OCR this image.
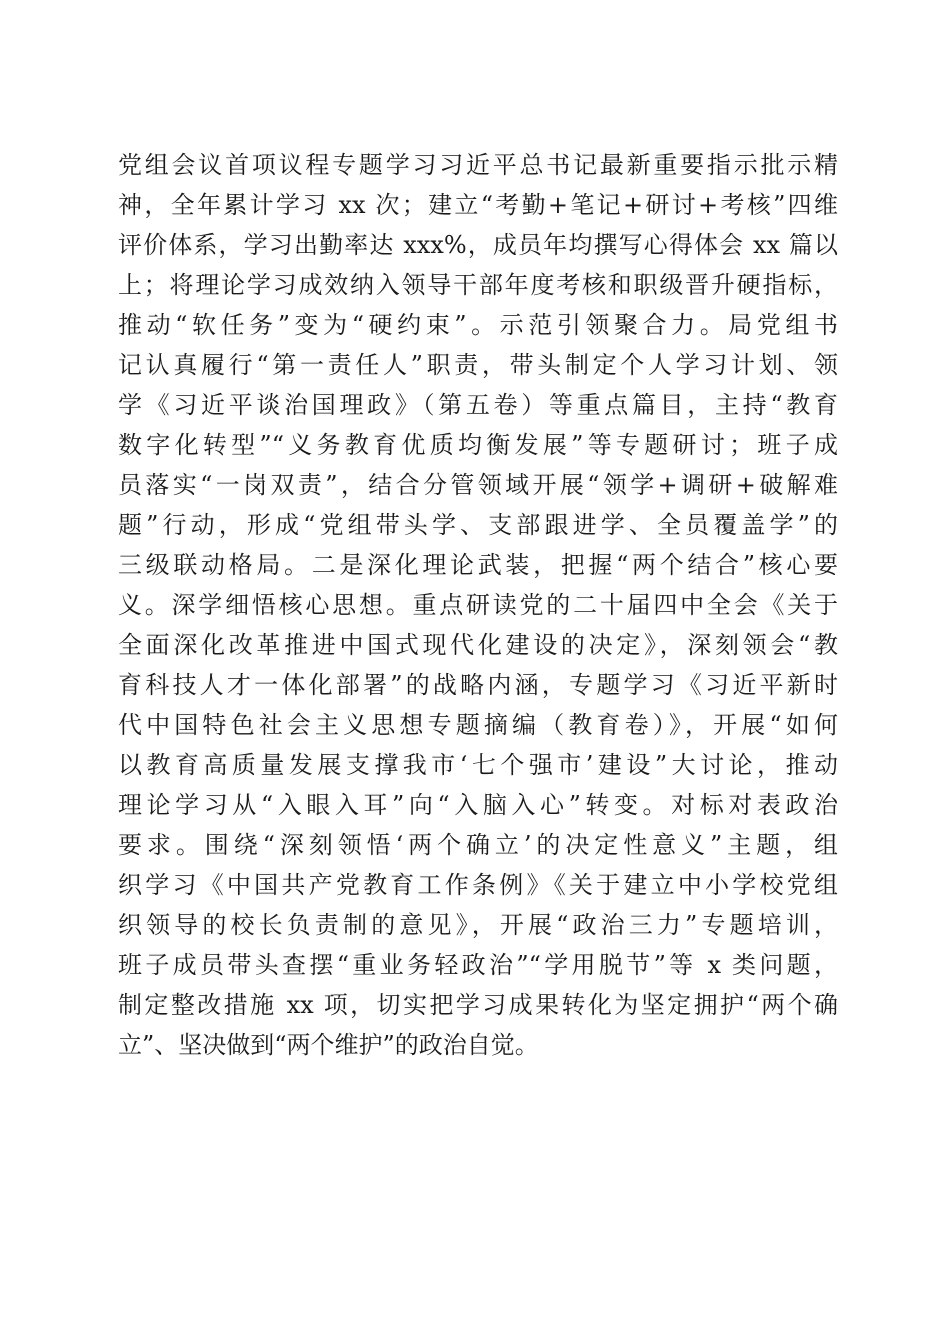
党组会议首项议程专题学习习近平总书记最新重要指示批示精
神，全年累计学习 xx 次；建立“考勤+笔记+研讨+考核”四维
评价体系，学习出勤率达 xxx%，成员年均撰写心得体会 xx 篇以
上；将理论学习成效纳入领导干部年度考核和职级晋升硬指标，
推动“软任务”变为“硬约束”。示范引领聚合力。局党组书
记认真履行“第一责任人”职责，带头制定个人学习计划、领
学《习近平谈治国理政》（第五卷）等重点篇目，主持“教育
数字化转型”“义务教育优质均衡发展”等专题研讨；班子成
员落实“一岗双责”，结合分管领域开展“领学+调研+破解难
题”行动，形成“党组带头学、支部跟进学、全员覆盖学”的
三级联动格局。二是深化理论武装，把握“两个结合”核心要
义。深学细悟核心思想。重点研读党的二十届四中全会《关于
全面深化改革推进中国式现代化建设的决定》，深刻领会“教
育科技人才一体化部署”的战略内涵，专题学习《习近平新时
代中国特色社会主义思想专题摘编（教育卷）》，开展“如何
以教育高质量发展支撑我市‘七个强市’建设”大讨论，推动
理论学习从“入眼入耳”向“入脑入心”转变。对标对表政治
要求。围绕“深刻领悟‘两个确立’的决定性意义”主题，组
织学习《中国共产党教育工作条例》《关于建立中小学校党组
织领导的校长负责制的意见》，开展“政治三力”专题培训，
班子成员带头查摆“重业务轻政治”“学用脱节”等 x 类问题，
制定整改措施 xx 项，切实把学习成果转化为坚定拥护“两个确
立”、坚决做到“两个维护”的政治自觉。
